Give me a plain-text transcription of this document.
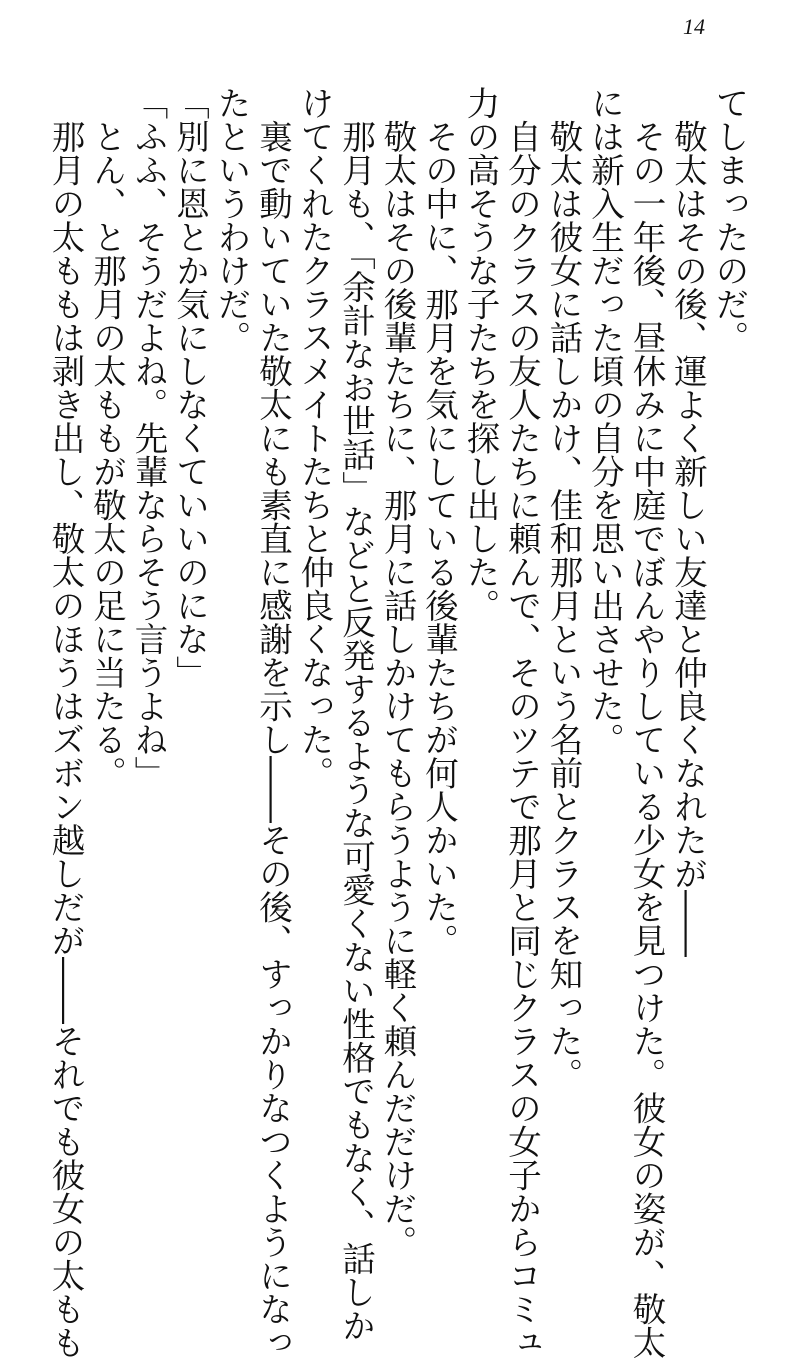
14

てしまったのだ。

　敬太はその後、運よく新しい友達と仲良くなれたが――

　その一年後、昼休みに中庭でぼんやりしている少女を見つけた。彼女の姿が、敬太

には新入生だった頃の自分を思い出させた。

　敬太は彼女に話しかけ、佳和那月という名前とクラスを知った。

　自分のクラスの友人たちに頼んで、そのツテで那月と同じクラスの女子からコミュ

力の高そうな子たちを探し出した。

　その中に、那月を気にしている後輩たちが何人かいた。

　敬太はその後輩たちに、那月に話しかけてもらうように軽く頼んだだけだ。

　那月も、「余計なお世話」などと反発するような可愛くない性格でもなく、話しか

けてくれたクラスメイトたちと仲良くなった。

　裏で動いていた敬太にも素直に感謝を示し――その後、すっかりなつくようになっ

たというわけだ。

「別に恩とか気にしなくていいのにな」

「ふふ、そうだよね。先輩ならそう言うよね」

　とん、と那月の太ももが敬太の足に当たる。

　那月の太ももは剥き出し、敬太のほうはズボン越しだが――それでも彼女の太もも
